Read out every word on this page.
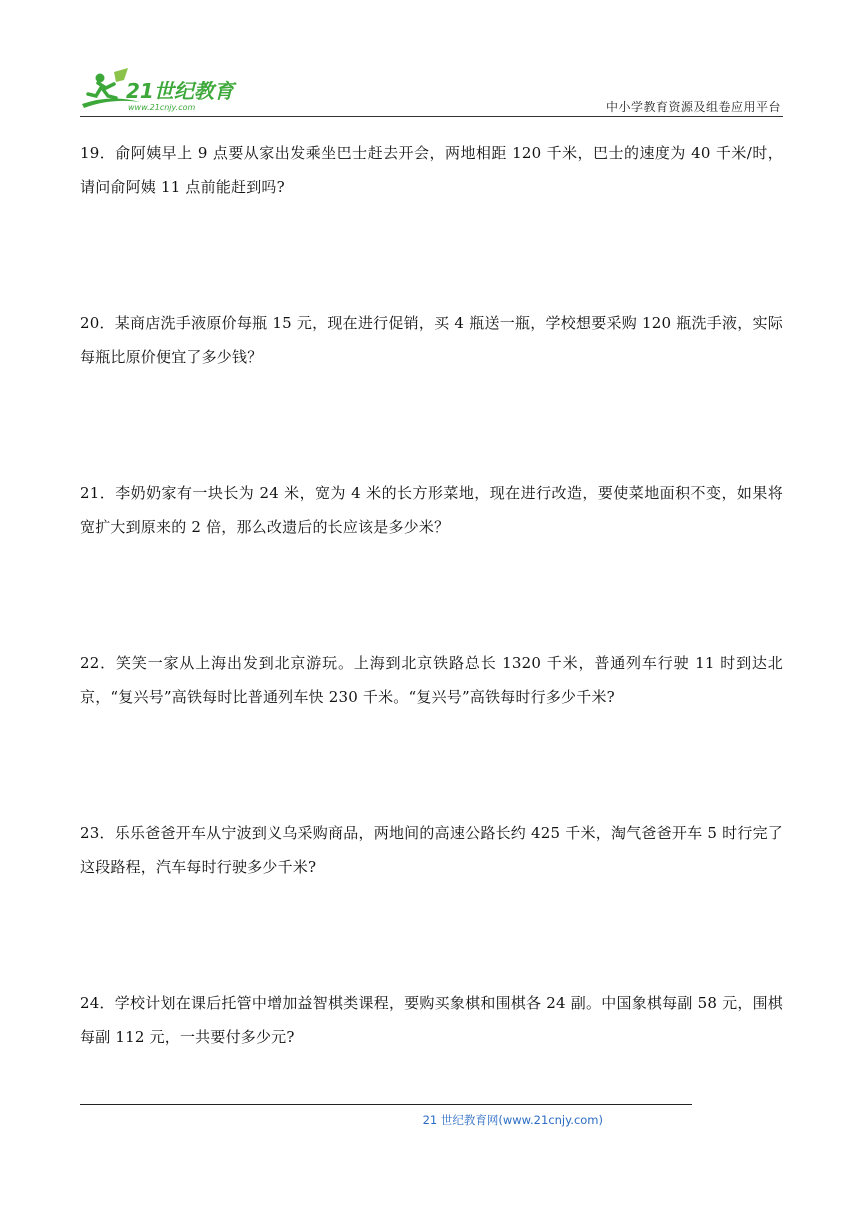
21世纪教育
www.21cnjy.com	中小学教育资源及组卷应用平台
19．俞阿姨早上 9 点要从家出发乘坐巴士赶去开会，两地相距 120 千米，巴士的速度为 40 千米/时，请问俞阿姨 11 点前能赶到吗?
20．某商店洗手液原价每瓶 15 元，现在进行促销，买 4 瓶送一瓶，学校想要采购 120 瓶洗手液，实际每瓶比原价便宜了多少钱？
21．李奶奶家有一块长为 24 米，宽为 4 米的长方形菜地，现在进行改造，要使菜地面积不变，如果将宽扩大到原来的 2 倍，那么改遗后的长应该是多少米？
22．笑笑一家从上海出发到北京游玩。上海到北京铁路总长 1320 千米，普通列车行驶 11 时到达北京，“复兴号”高铁每时比普通列车快 230 千米。“复兴号”高铁每时行多少千米?
23．乐乐爸爸开车从宁波到义乌采购商品，两地间的高速公路长约 425 千米，淘气爸爸开车 5 时行完了这段路程，汽车每时行驶多少千米?
24．学校计划在课后托管中增加益智棋类课程，要购买象棋和围棋各 24 副。中国象棋每副 58 元，围棋每副 112 元，一共要付多少元?
21 世纪教育网(www.21cnjy.com)
